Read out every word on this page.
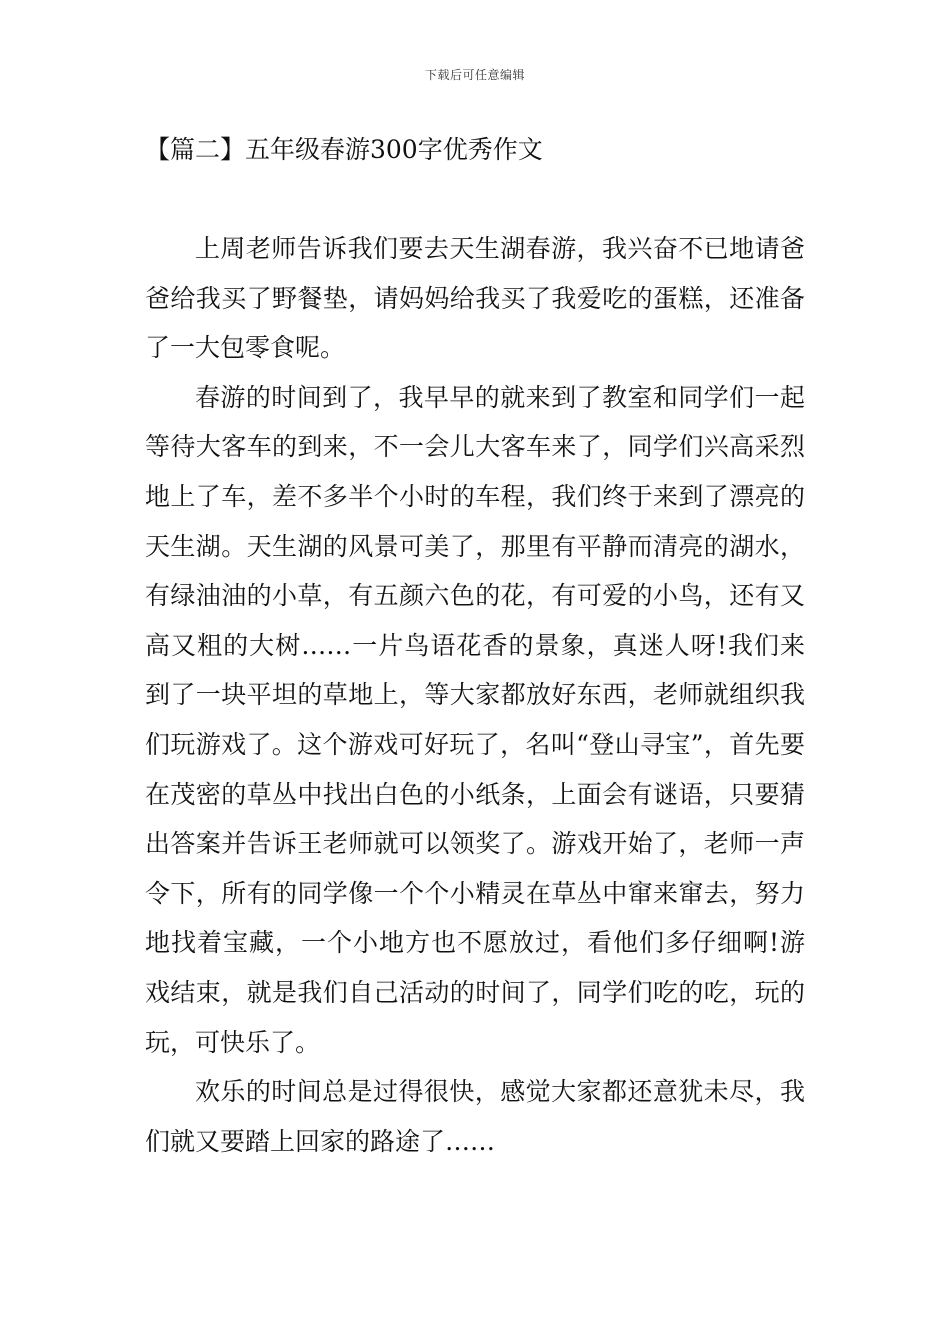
下载后可任意编辑
【篇二】五年级春游300字优秀作文

上周老师告诉我们要去天生湖春游，我兴奋不已地请爸爸给我买了野餐垫，请妈妈给我买了我爱吃的蛋糕，还准备了一大包零食呢。

春游的时间到了，我早早的就来到了教室和同学们一起等待大客车的到来，不一会儿大客车来了，同学们兴高采烈地上了车，差不多半个小时的车程，我们终于来到了漂亮的天生湖。天生湖的风景可美了，那里有平静而清亮的湖水，有绿油油的小草，有五颜六色的花，有可爱的小鸟，还有又高又粗的大树……一片鸟语花香的景象，真迷人呀!我们来到了一块平坦的草地上，等大家都放好东西，老师就组织我们玩游戏了。这个游戏可好玩了，名叫“登山寻宝”，首先要在茂密的草丛中找出白色的小纸条，上面会有谜语，只要猜出答案并告诉王老师就可以领奖了。游戏开始了，老师一声令下，所有的同学像一个个小精灵在草丛中窜来窜去，努力地找着宝藏，一个小地方也不愿放过，看他们多仔细啊!游戏结束，就是我们自己活动的时间了，同学们吃的吃，玩的玩，可快乐了。

欢乐的时间总是过得很快，感觉大家都还意犹未尽，我们就又要踏上回家的路途了……
